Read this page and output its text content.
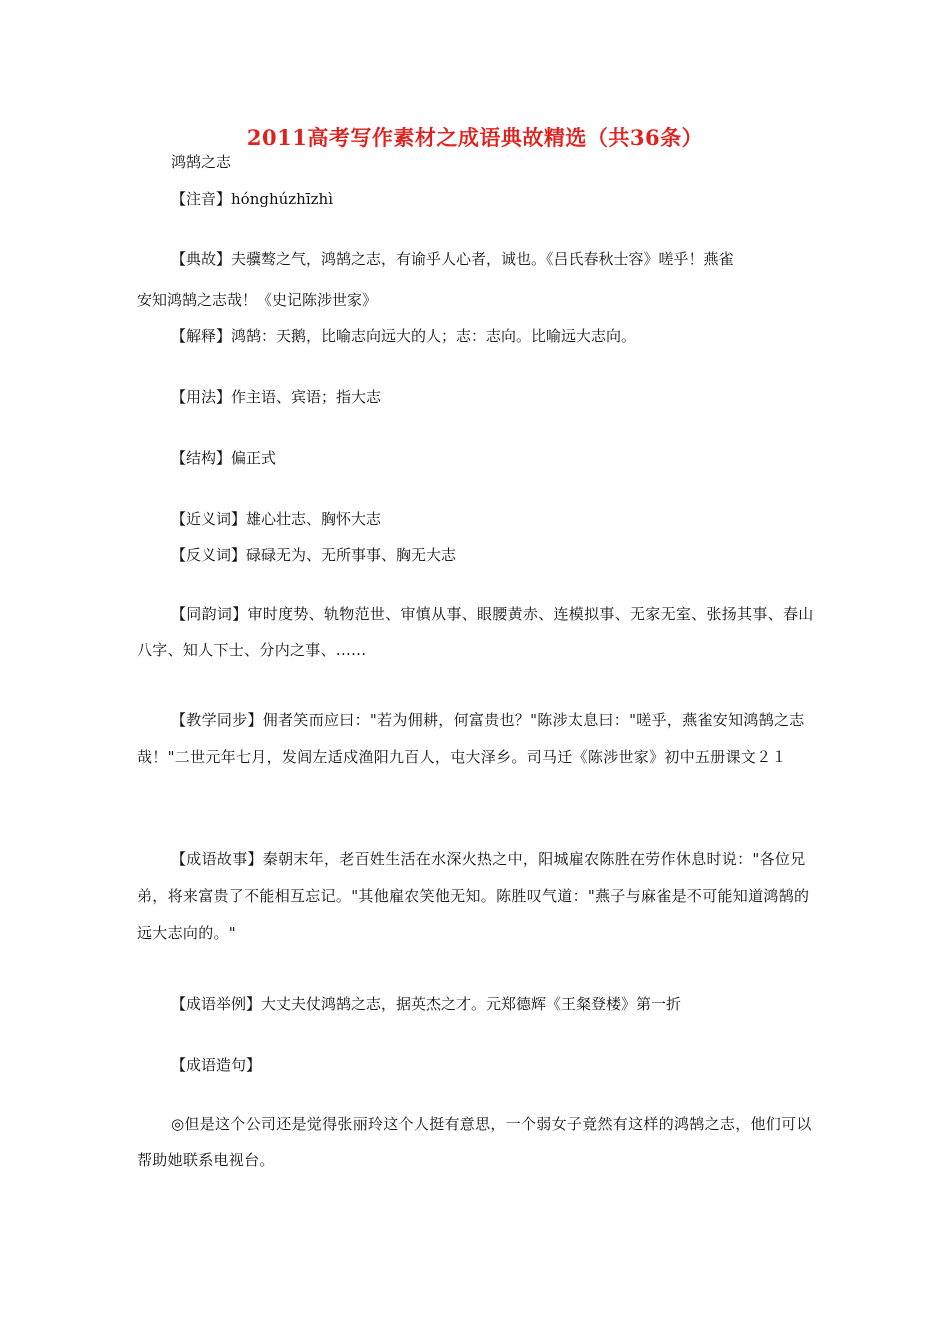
2011高考写作素材之成语典故精选（共36条）
鸿鹄之志
【注音】hónghúzhīzhì
【典故】夫骥骜之气，鸿鹄之志，有谕乎人心者，诚也。《吕氏春秋士容》嗟乎！燕雀
安知鸿鹄之志哉！《史记陈涉世家》
【解释】鸿鹄：天鹅，比喻志向远大的人；志：志向。比喻远大志向。
【用法】作主语、宾语；指大志
【结构】偏正式
【近义词】雄心壮志、胸怀大志
【反义词】碌碌无为、无所事事、胸无大志
【同韵词】审时度势、轨物范世、审慎从事、眼腰黄赤、连模拟事、无家无室、张扬其事、春山八字、知人下士、分内之事、......
【教学同步】佣者笑而应曰："若为佣耕，何富贵也？"陈涉太息曰："嗟乎，燕雀安知鸿鹄之志哉！"二世元年七月，发闾左适戍渔阳九百人，屯大泽乡。司马迁《陈涉世家》初中五册课文２１
【成语故事】秦朝末年，老百姓生活在水深火热之中，阳城雇农陈胜在劳作休息时说："各位兄弟，将来富贵了不能相互忘记。"其他雇农笑他无知。陈胜叹气道："燕子与麻雀是不可能知道鸿鹄的远大志向的。"
【成语举例】大丈夫仗鸿鹄之志，据英杰之才。元郑德辉《王粲登楼》第一折
【成语造句】
◎但是这个公司还是觉得张丽玲这个人挺有意思，一个弱女子竟然有这样的鸿鹄之志，他们可以帮助她联系电视台。
